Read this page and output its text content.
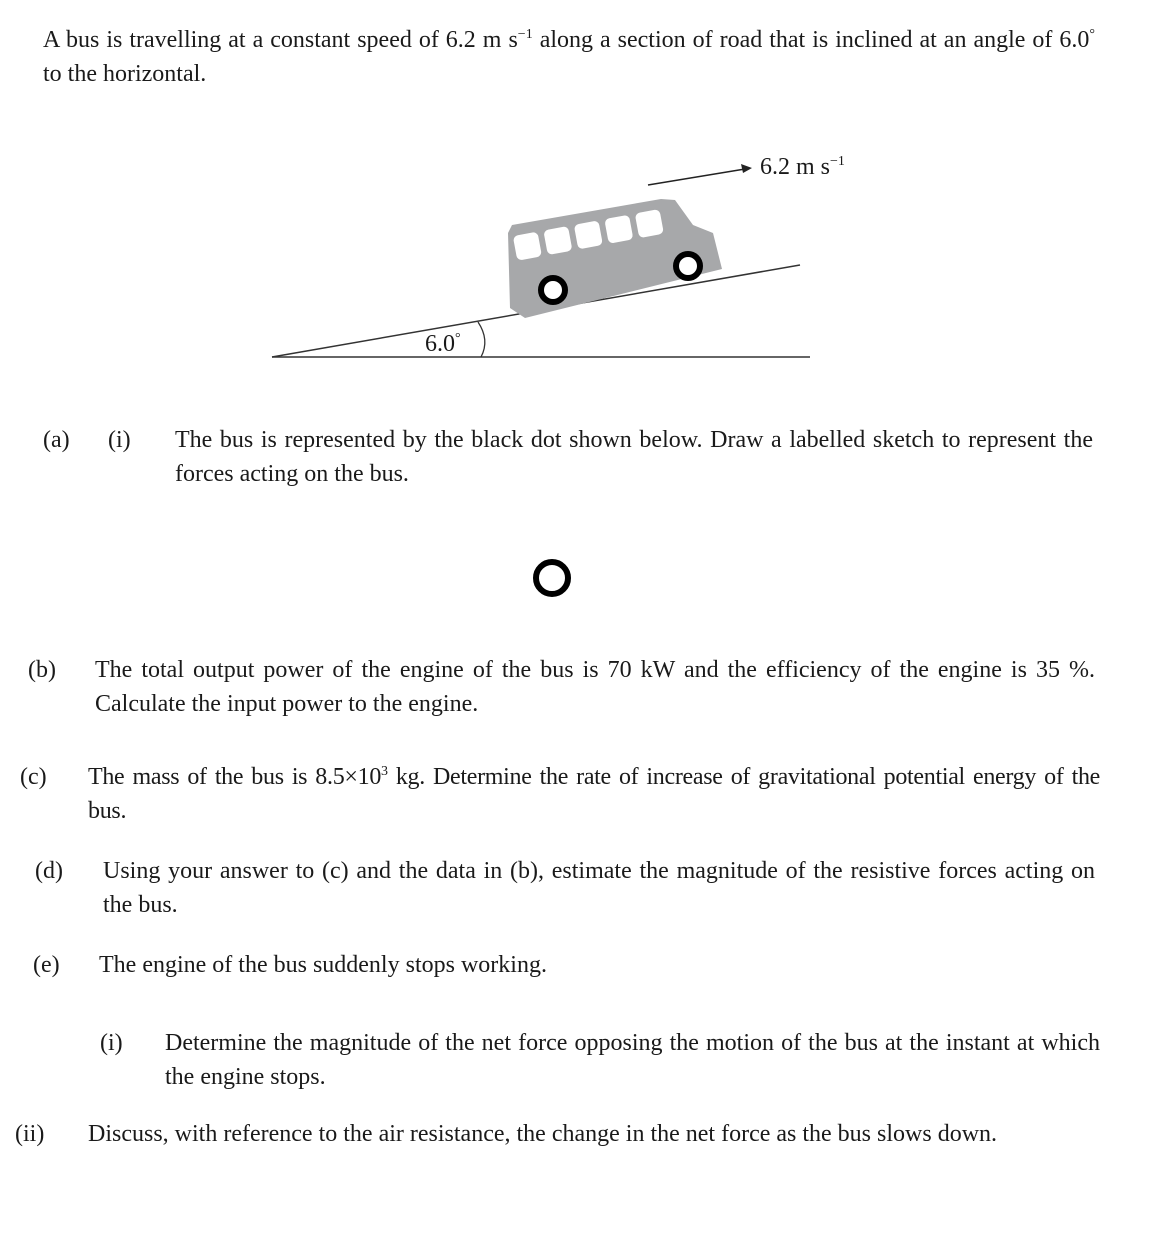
A bus is travelling at a constant speed of 6.2 m $s^{-1}$ along a section of road that is inclined at an angle of 6.0° to the horizontal.
6.2 m $s^{-1}$
6.0°
(a) (i) The bus is represented by the black dot shown below. Draw a labelled sketch to represent the forces acting on the bus.
(b) The total output power of the engine of the bus is 70 kW and the efficiency of the engine is 35 %. Calculate the input power to the engine.
(c) The mass of the bus is $8.5\times 10^3$ kg. Determine the rate of increase of gravitational potential energy of the bus.
(d) Using your answer to (c) and the data in (b), estimate the magnitude of the resistive forces acting on the bus.
(e) The engine of the bus suddenly stops working.
(i) Determine the magnitude of the net force opposing the motion of the bus at the instant at which the engine stops.
(ii) Discuss, with reference to the air resistance, the change in the net force as the bus slows down.
